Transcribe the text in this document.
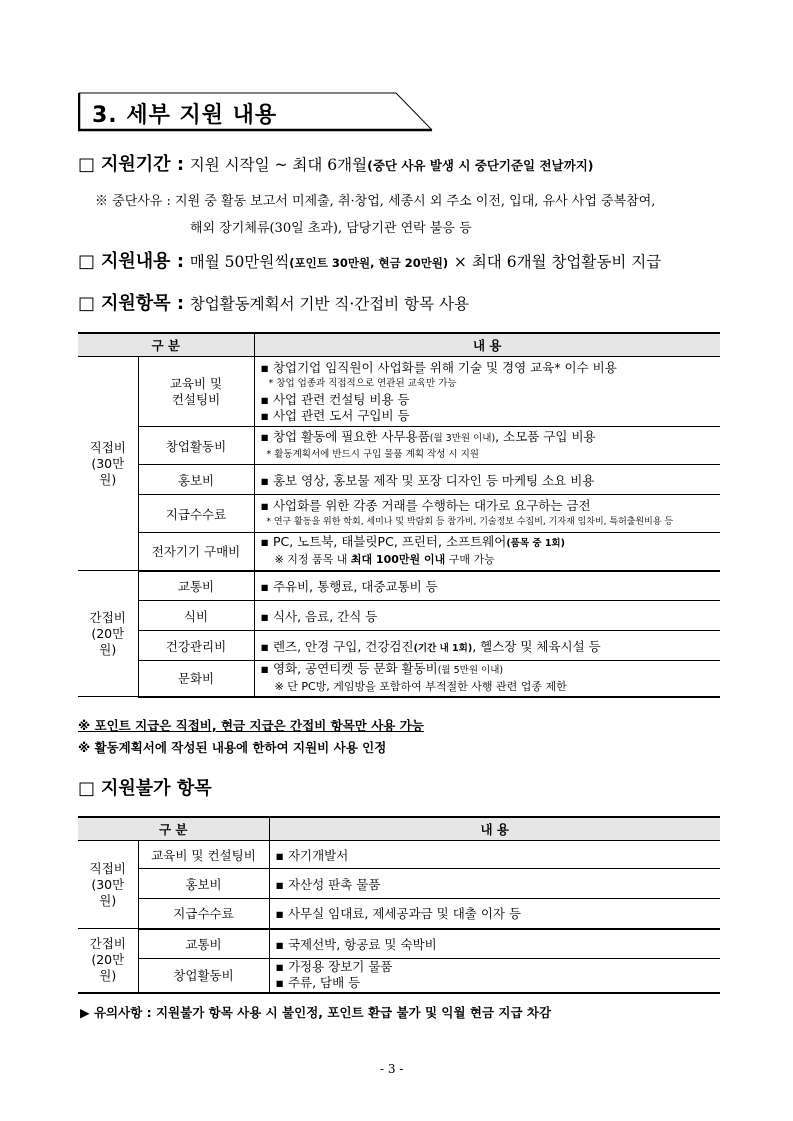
3. 세부 지원 내용
□ 지원기간 : 지원 시작일 ~ 최대 6개월(중단 사유 발생 시 중단기준일 전날까지)
※ 중단사유 : 지원 중 활동 보고서 미제출, 취·창업, 세종시 외 주소 이전, 입대, 유사 사업 중복참여,
해외 장기체류(30일 초과), 담당기관 연락 불응 등
□ 지원내용 : 매월 50만원씩(포인트 30만원, 현금 20만원) × 최대 6개월 창업활동비 지급
□ 지원항목 : 창업활동계획서 기반 직·간접비 항목 사용
구 분		내 용

직접비
(30만원)	교육비 및
컨설팅비	▪ 창업기업 임직원이 사업화를 위해 기술 및 경영 교육* 이수 비용
* 창업 업종과 직접적으로 연관된 교육만 가능
▪ 사업 관련 컨설팅 비용 등
▪ 사업 관련 도서 구입비 등

	창업활동비	▪ 창업 활동에 필요한 사무용품(월 3만원 이내), 소모품 구입 비용
* 활동계획서에 반드시 구입 물품 계획 작성 시 지원

	홍보비	▪ 홍보 영상, 홍보물 제작 및 포장 디자인 등 마케팅 소요 비용
	지급수수료	▪ 사업화를 위한 각종 거래를 수행하는 대가로 요구하는 금전
* 연구 활동을 위한 학회, 세미나 및 박람회 등 참가비, 기술정보 수집비, 기자재 임차비, 특허출원비용 등

	전자기기 구매비	▪ PC, 노트북, 태블릿PC, 프린터, 소프트웨어(품목 중 1회)
※ 지정 품목 내 최대 100만원 이내 구매 가능

간접비
(20만원)	교통비	▪ 주유비, 통행료, 대중교통비 등
	식비	▪ 식사, 음료, 간식 등
	건강관리비	▪ 렌즈, 안경 구입, 건강검진(기간 내 1회), 헬스장 및 체육시설 등
	문화비	▪ 영화, 공연티켓 등 문화 활동비(월 5만원 이내)
※ 단 PC방, 게임방을 포함하여 부적절한 사행 관련 업종 제한
※ 포인트 지급은 직접비, 현금 지급은 간접비 항목만 사용 가능
※ 활동계획서에 작성된 내용에 한하여 지원비 사용 인정
□ 지원불가 항목
구 분		내 용

직접비
(30만원)	교육비 및 컨설팅비	▪ 자기개발서
	홍보비	▪ 자산성 판촉 물품
	지급수수료	▪ 사무실 임대료, 제세공과금 및 대출 이자 등

간접비
(20만원)	교통비	▪ 국제선박, 항공료 및 숙박비
	창업활동비	▪ 가정용 장보기 물품
▪ 주류, 담배 등
▶ 유의사항 : 지원불가 항목 사용 시 불인정, 포인트 환급 불가 및 익월 현금 지급 차감
- 3 -
